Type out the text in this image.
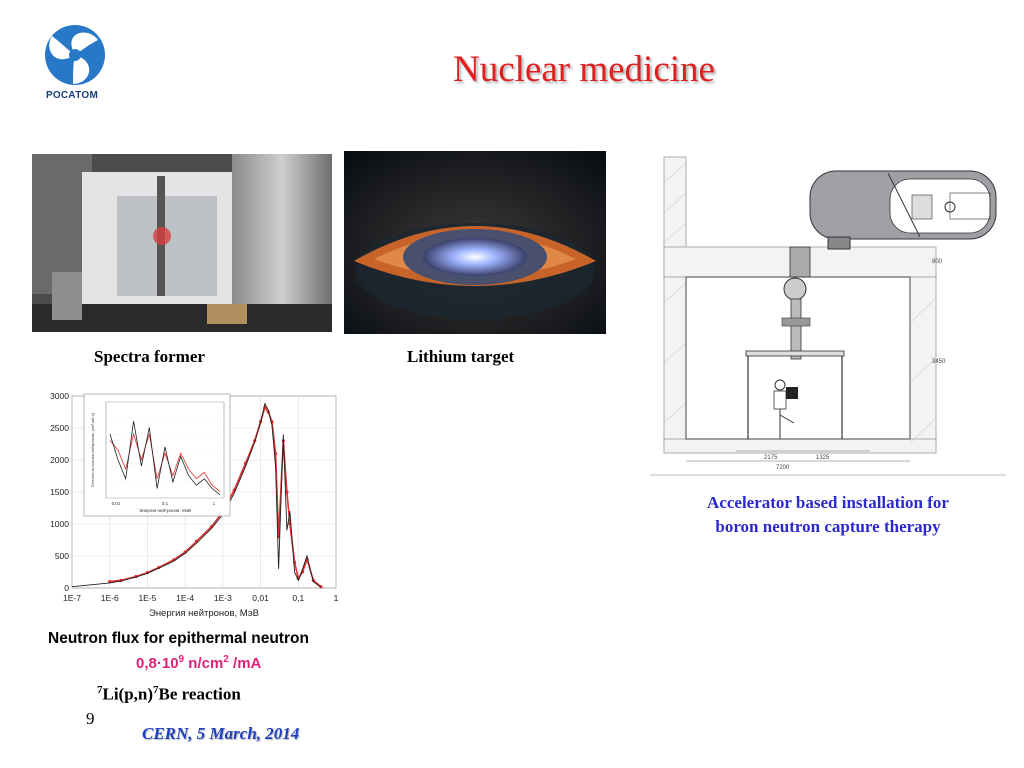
РОСАТОМ
Nuclear medicine
Spectra former	Lithium target
2175	1325
7200
800
3450
Accelerator based installation for
boron neutron capture therapy
1E-7 1E-6 1E-5 1E-4 1E-3 0,01	0,1	1
0
500
1000
1500
2000
2500
3000
Энергия нейтронов, МэВ
0,01	0,1	1
Энергия нейтронов, МэВ
Плотность потока нейтронов, (см² мА·с)
Neutron flux for epithermal neutron
$0,8\cdot 10^9$ $n/cm^2$ /mA
$^7Li(p,n)^7Be$ reaction
9
CERN, 5 March, 2014
